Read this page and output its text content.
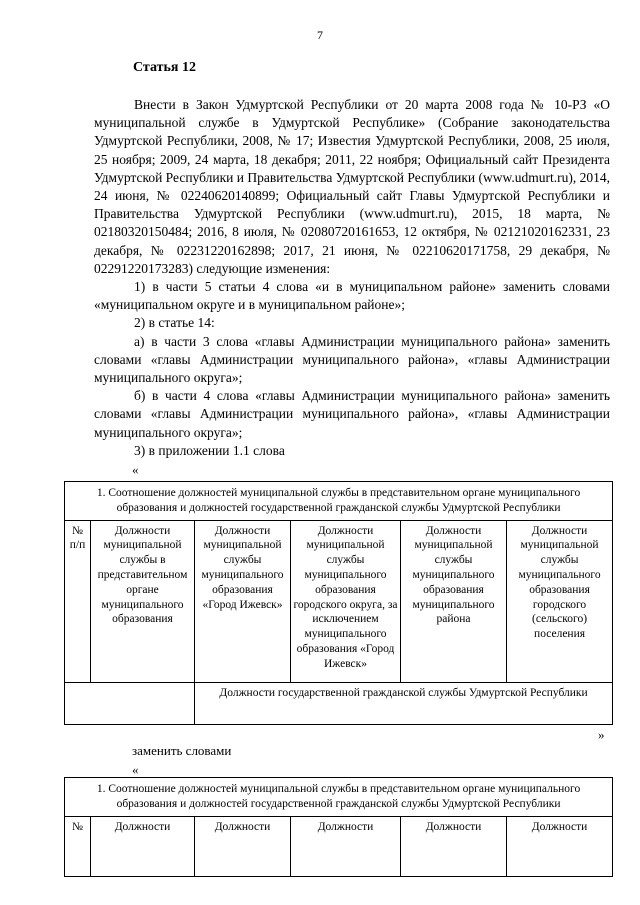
7
Статья 12

Внести в Закон Удмуртской Республики от 20 марта 2008 года № 10-РЗ «О муниципальной службе в Удмуртской Республике» (Собрание законодательства Удмуртской Республики, 2008, № 17; Известия Удмуртской Республики, 2008, 25 июля, 25 ноября; 2009, 24 марта, 18 декабря; 2011, 22 ноября; Официальный сайт Президента Удмуртской Республики и Правительства Удмуртской Республики (www.udmurt.ru), 2014, 24 июня, № 02240620140899; Официальный сайт Главы Удмуртской Республики и Правительства Удмуртской Республики (www.udmurt.ru), 2015, 18 марта, № 02180320150484; 2016, 8 июля, № 02080720161653, 12 октября, № 02121020162331, 23 декабря, № 02231220162898; 2017, 21 июня, № 02210620171758, 29 декабря, № 02291220173283) следующие изменения:

1) в части 5 статьи 4 слова «и в муниципальном районе» заменить словами «муниципальном округе и в муниципальном районе»;

2) в статье 14:

а) в части 3 слова «главы Администрации муниципального района» заменить словами «главы Администрации муниципального района», «главы Администрации муниципального округа»;

б) в части 4 слова «главы Администрации муниципального района» заменить словами «главы Администрации муниципального района», «главы Администрации муниципального округа»;

3) в приложении 1.1 слова

«
1. Соотношение должностей муниципальной службы в представительном органе муниципального образования и должностей государственной гражданской службы Удмуртской Республики					
№ п/п	Должности муниципальной службы в представительном органе муниципального образования	Должности муниципальной службы муниципального образования «Город Ижевск»	Должности муниципальной службы муниципального образования городского округа, за исключением муниципального образования «Город Ижевск»	Должности муниципальной службы муниципального образования муниципального района	Должности муниципальной службы муниципального образования городского (сельского) поселения
		Должности государственной гражданской службы Удмуртской Республики			
»
заменить словами
«
1. Соотношение должностей муниципальной службы в представительном органе муниципального образования и должностей государственной гражданской службы Удмуртской Республики
№	Должности	Должности	Должности	Должности	Должности
